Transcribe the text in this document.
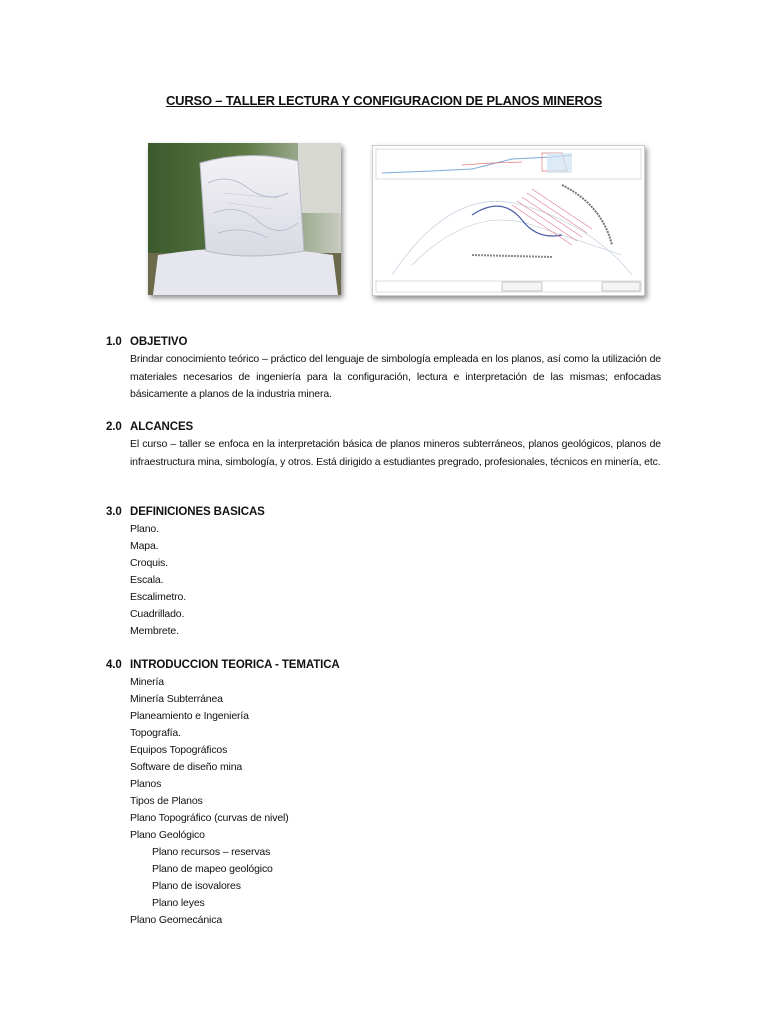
CURSO – TALLER LECTURA Y CONFIGURACION DE PLANOS MINEROS
1.0 OBJETIVO
Brindar conocimiento teórico – práctico del lenguaje de simbología empleada en los planos, así como la utilización de materiales necesarios de ingeniería para la configuración, lectura e interpretación de las mismas; enfocadas básicamente a planos de la industria minera.
2.0 ALCANCES
El curso – taller se enfoca en la interpretación básica de planos mineros subterráneos, planos geológicos, planos de infraestructura mina, simbología, y otros. Está dirigido a estudiantes pregrado, profesionales, técnicos en minería, etc.
3.0 DEFINICIONES BASICAS
Plano.
Mapa.
Croquis.
Escala.
Escalimetro.
Cuadrillado.
Membrete.
4.0 INTRODUCCION TEORICA - TEMATICA
Minería
Minería Subterránea
Planeamiento e Ingeniería
Topografía.
Equipos Topográficos
Software de diseño mina
Planos
Tipos de Planos
Plano Topográfico (curvas de nivel)
Plano Geológico
Plano recursos – reservas
Plano de mapeo geológico
Plano de isovalores
Plano leyes
Plano Geomecánica
